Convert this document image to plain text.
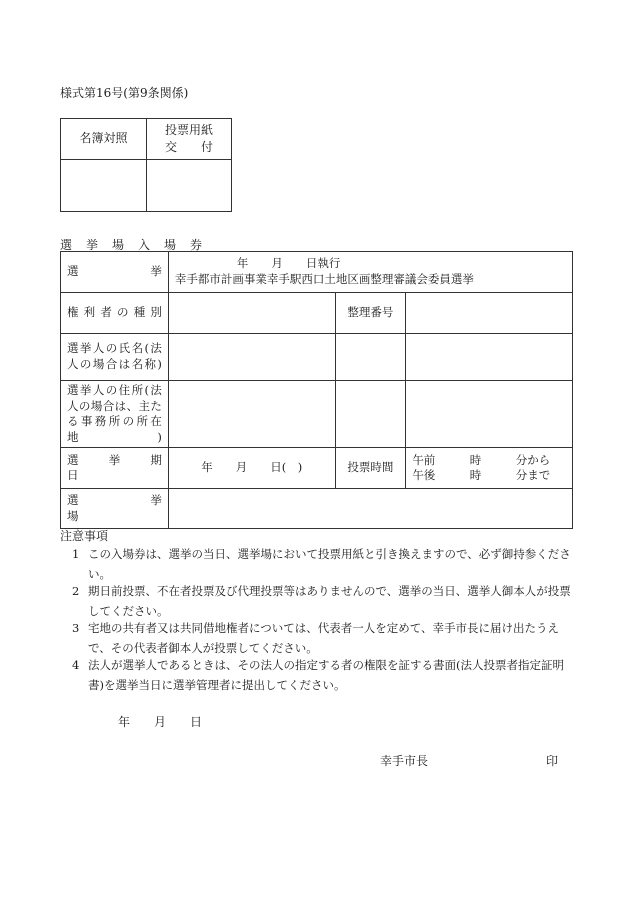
様式第16号(第9条関係)
名簿対照	投票用紙
交　　付

選挙場入場券
選　　　　　挙	年　　月　　日執行
幸手都市計画事業幸手駅西口土地区画整理審議会委員選挙		

権 利 者 の 種 別		整理番号	
選挙人の氏名(法人の場合は名称)			
選挙人の住所(法人の場合は、主たる事務所の所在地)			
選　　挙　　期　　日	年　　月　　日(　)	投票時間	午前　　　時　　　分から
午後　　　時　　　分まで

選　　　　挙　　　　場			
注意事項
1 この入場券は、選挙の当日、選挙場において投票用紙と引き換えますので、必ず御持参ください。
2 期日前投票、不在者投票及び代理投票等はありませんので、選挙の当日、選挙人御本人が投票してください。
3 宅地の共有者又は共同借地権者については、代表者一人を定めて、幸手市長に届け出たうえで、その代表者御本人が投票してください。
4 法人が選挙人であるときは、その法人の指定する者の権限を証する書面(法人投票者指定証明書)を選挙当日に選挙管理者に提出してください。
年　　月　　日
幸手市長	印
